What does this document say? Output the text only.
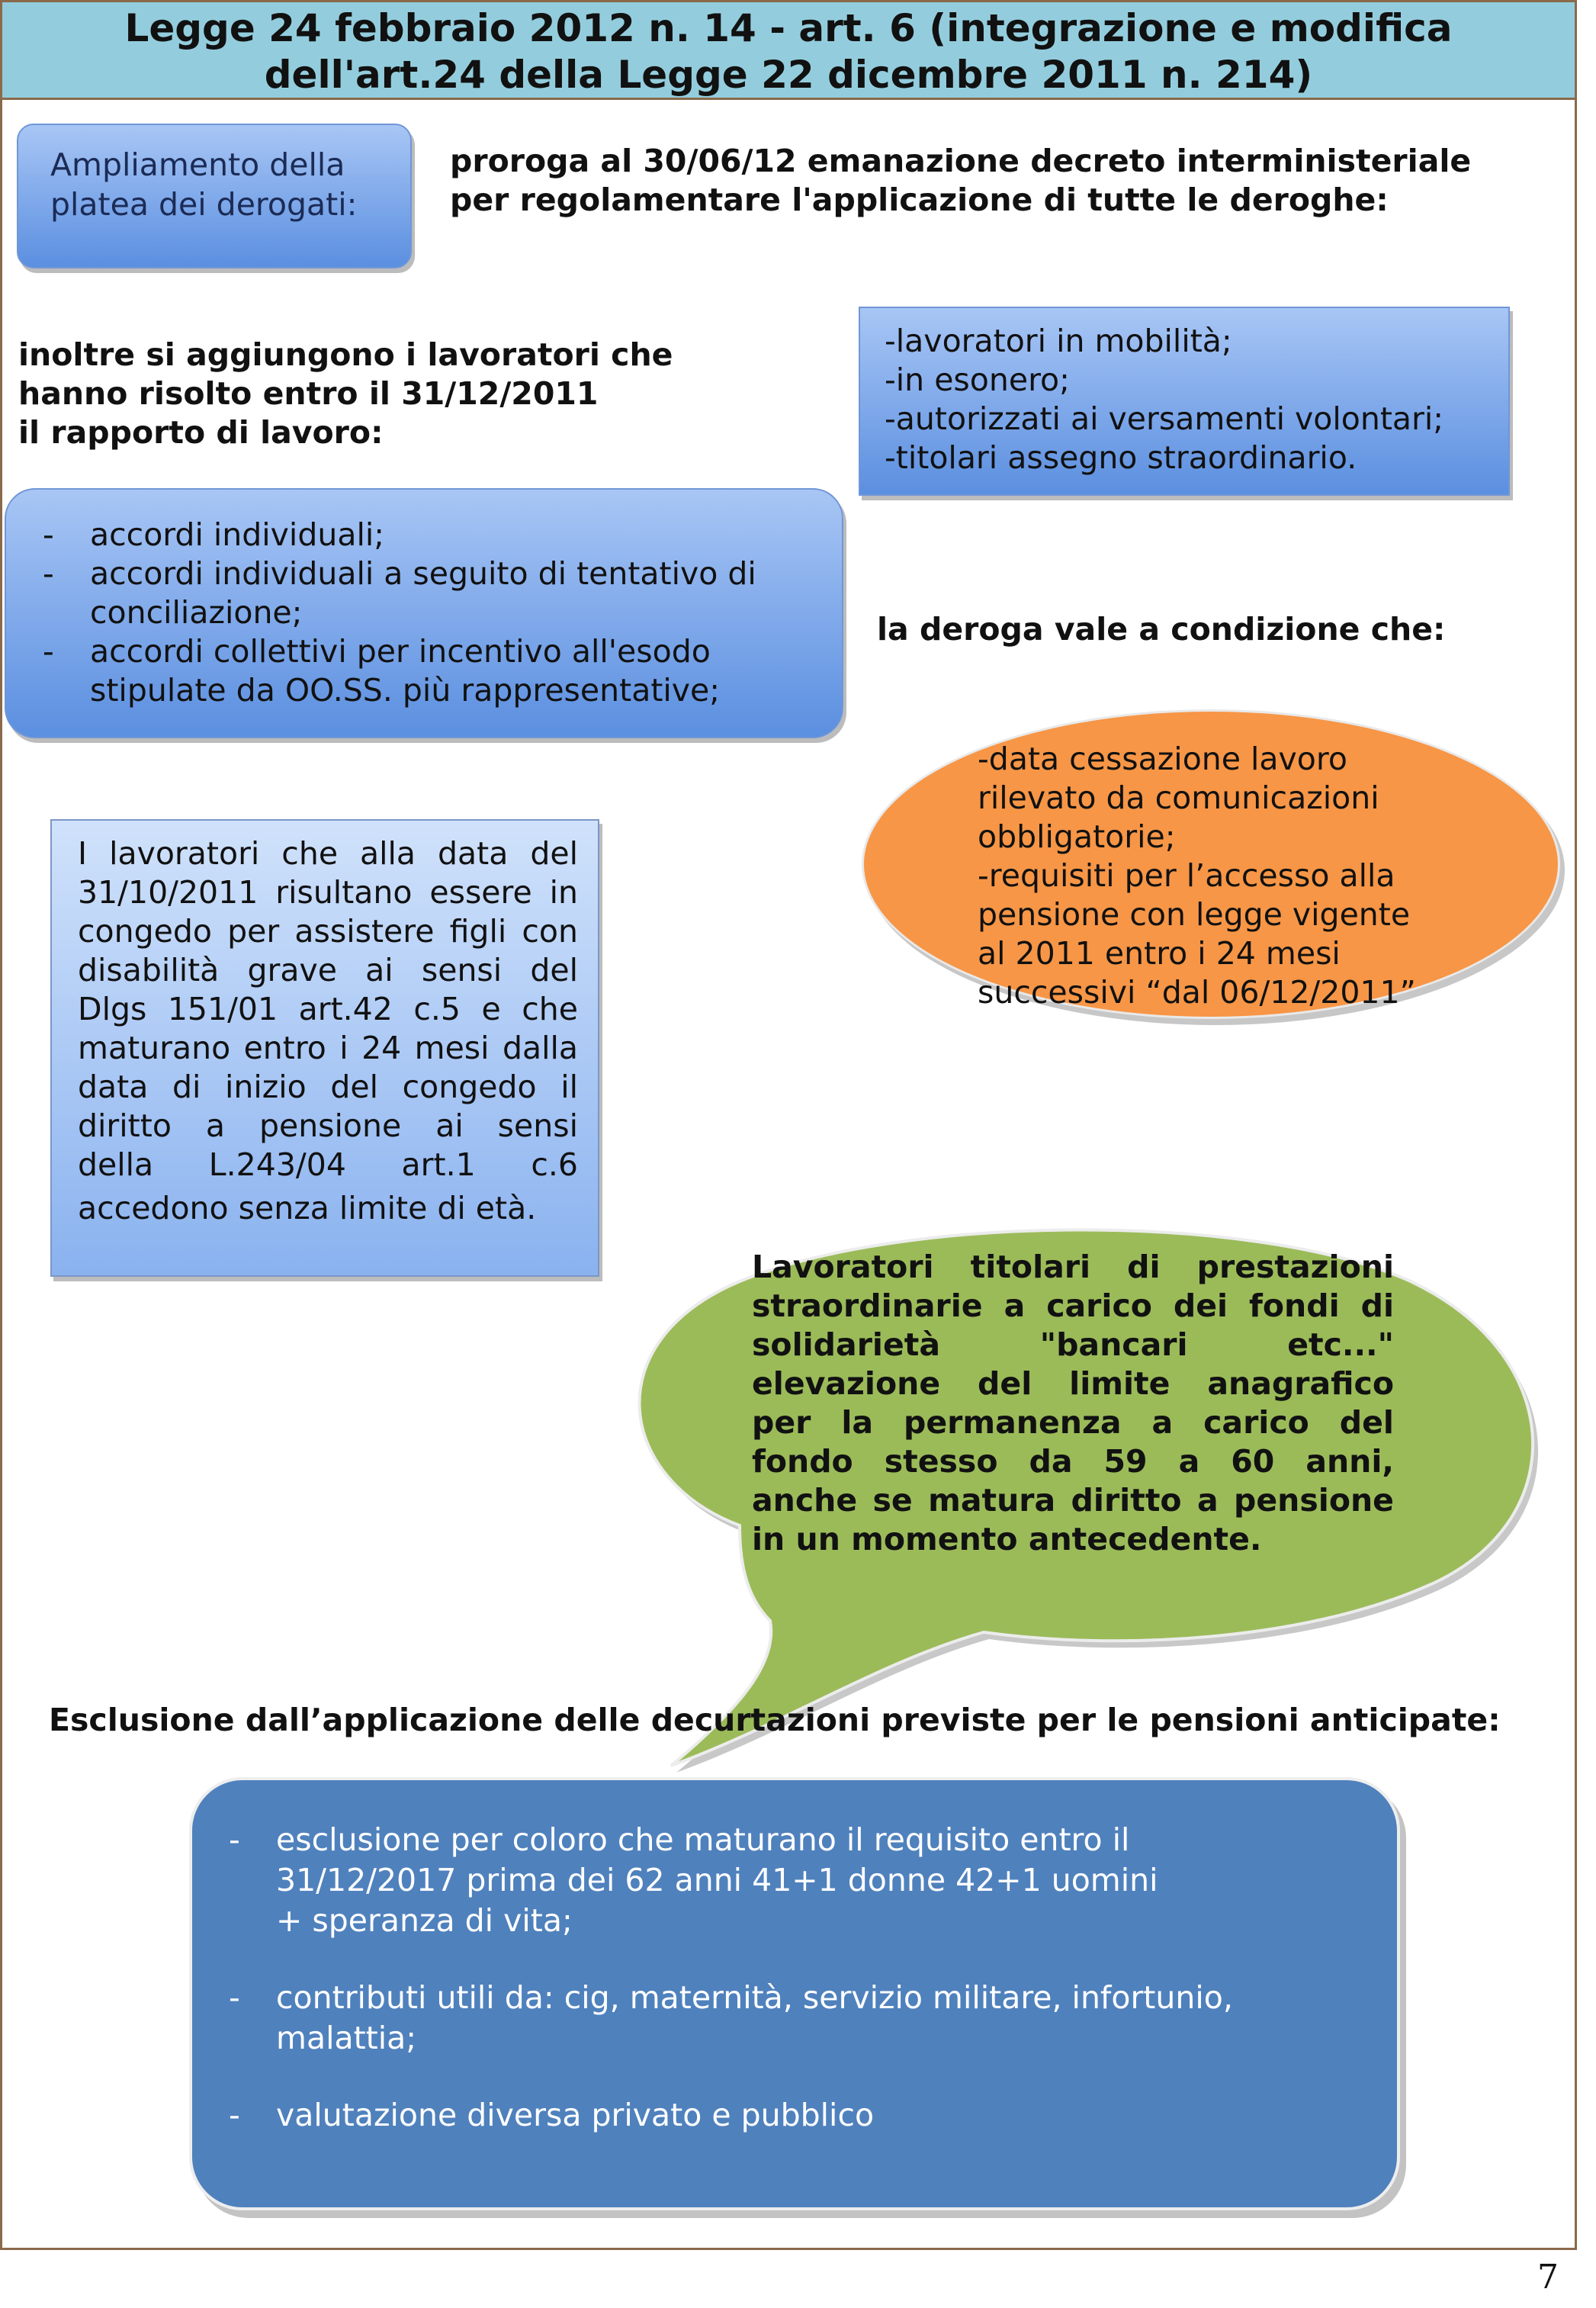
Legge 24 febbraio 2012 n. 14 - art. 6 (integrazione e modifica
dell'art.24 della Legge 22 dicembre 2011 n. 214)
Ampliamento della
platea dei derogati:
proroga al 30/06/12 emanazione decreto interministeriale
per regolamentare l'applicazione di tutte le deroghe:
inoltre si aggiungono i lavoratori che
hanno risolto entro il 31/12/2011
il rapporto di lavoro:
-lavoratori in mobilità;
-in esonero;
-autorizzati ai versamenti volontari;
-titolari assegno straordinario.
- accordi individuali;
- accordi individuali a seguito di tentativo di
conciliazione;
- accordi collettivi per incentivo all'esodo
stipulate da OO.SS. più rappresentative;
la deroga vale a condizione che:
-data cessazione lavoro
rilevato da comunicazioni
obbligatorie;
-requisiti per l’accesso alla
pensione con legge vigente
al 2011 entro i 24 mesi
successivi “dal 06/12/2011”

I lavoratori che alla data del

31/10/2011 risultano essere in

congedo per assistere figli con

disabilità grave ai sensi del

Dlgs 151/01 art.42 c.5 e che

maturano entro i 24 mesi dalla

data di inizio del congedo il

diritto a pensione ai sensi

della L.243/04 art.1 c.6

accedono senza limite di età.

Lavoratori titolari di prestazioni

straordinarie a carico dei fondi di

solidarietà "bancari etc..."

elevazione del limite anagrafico

per la permanenza a carico del

fondo stesso da 59 a 60 anni,

anche se matura diritto a pensione

in un momento antecedente.

Esclusione dall’applicazione delle decurtazioni previste per le pensioni anticipate:
- esclusione per coloro che maturano il requisito entro il
31/12/2017 prima dei 62 anni 41+1 donne 42+1 uomini
+ speranza di vita;
- contributi utili da: cig, maternità, servizio militare, infortunio,
malattia;
- valutazione diversa privato e pubblico
7
